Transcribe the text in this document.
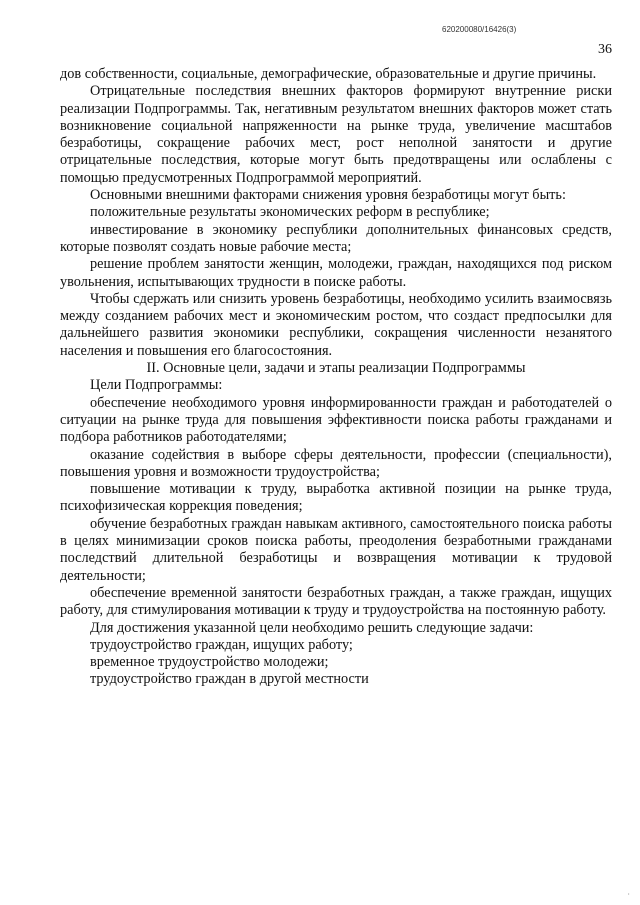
620200080/16426(3)
36

дов собственности, социальные, демографические, образовательные и другие причины.

Отрицательные последствия внешних факторов формируют внутренние риски реализации Подпрограммы. Так, негативным результатом внешних факторов может стать возникновение социальной напряженности на рынке труда, увеличение масштабов безработицы, сокращение рабочих мест, рост неполной занятости и другие отрицательные последствия, которые могут быть предотвращены или ослаблены с помощью предусмотренных Подпрограммой мероприятий.

Основными внешними факторами снижения уровня безработицы могут быть:

положительные результаты экономических реформ в республике;

инвестирование в экономику республики дополнительных финансовых средств, которые позволят создать новые рабочие места;

решение проблем занятости женщин, молодежи, граждан, находящихся под риском увольнения, испытывающих трудности в поиске работы.

Чтобы сдержать или снизить уровень безработицы, необходимо усилить взаимосвязь между созданием рабочих мест и экономическим ростом, что создаст предпосылки для дальнейшего развития экономики республики, сокращения численности незанятого населения и повышения его благосостояния.

II. Основные цели, задачи и этапы реализации Подпрограммы

Цели Подпрограммы:

обеспечение необходимого уровня информированности граждан и работодателей о ситуации на рынке труда для повышения эффективности поиска работы гражданами и подбора работников работодателями;

оказание содействия в выборе сферы деятельности, профессии (специальности), повышения уровня и возможности трудоустройства;

повышение мотивации к труду, выработка активной позиции на рынке труда, психофизическая коррекция поведения;

обучение безработных граждан навыкам активного, самостоятельного поиска работы в целях минимизации сроков поиска работы, преодоления безработными гражданами последствий длительной безработицы и возвращения мотивации к трудовой деятельности;

обеспечение временной занятости безработных граждан, а также граждан, ищущих работу, для стимулирования мотивации к труду и трудоустройства на постоянную работу.

Для достижения указанной цели необходимо решить следующие задачи:

трудоустройство граждан, ищущих работу;

временное трудоустройство молодежи;

трудоустройство граждан в другой местности

·
